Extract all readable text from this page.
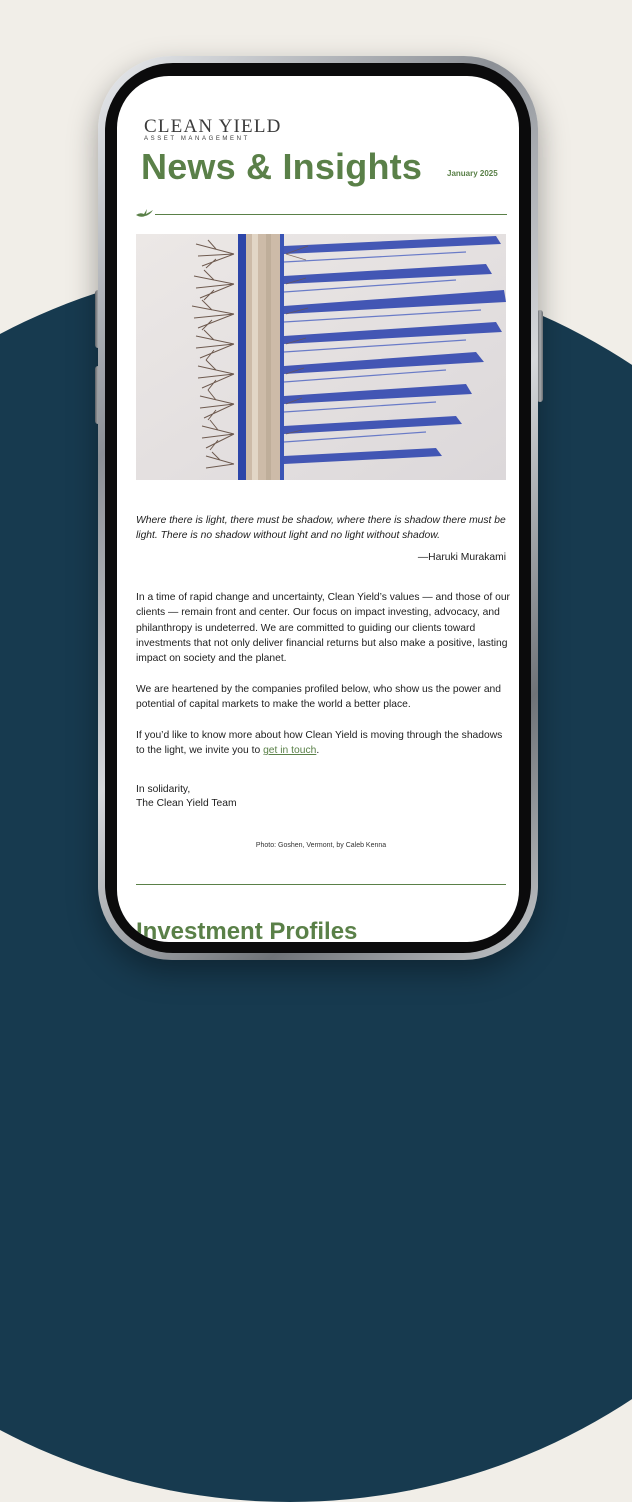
CLEAN YIELD
ASSET MANAGEMENT
News & Insights	January 2025
Where there is light, there must be shadow, where there is shadow there must be light. There is no shadow without light and no light without shadow.
—Haruki Murakami
In a time of rapid change and uncertainty, Clean Yield’s values — and those of our clients — remain front and center. Our focus on impact investing, advocacy, and philanthropy is undeterred. We are committed to guiding our clients toward investments that not only deliver financial returns but also make a positive, lasting impact on society and the planet.
We are heartened by the companies profiled below, who show us the power and potential of capital markets to make the world a better place.
If you’d like to know more about how Clean Yield is moving through the shadows to the light, we invite you to get in touch.
In solidarity,
The Clean Yield Team
Photo: Goshen, Vermont, by Caleb Kenna
Investment Profiles
